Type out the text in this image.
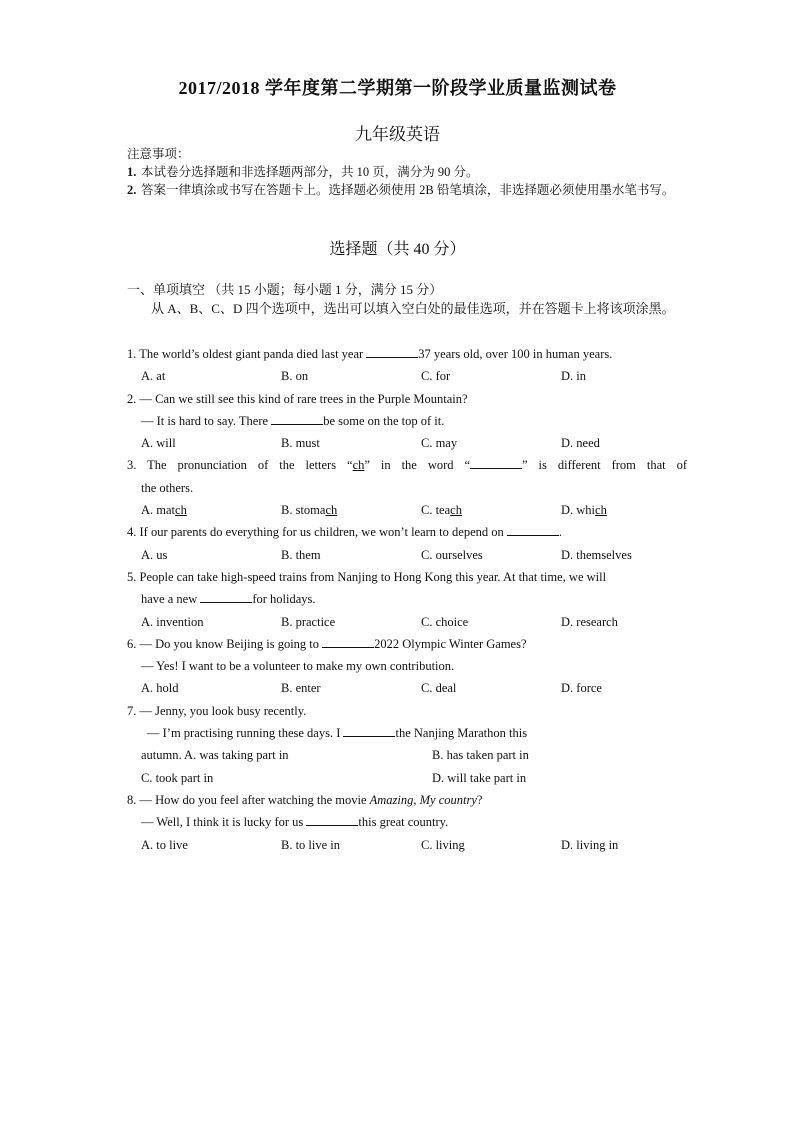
2017/2018 学年度第二学期第一阶段学业质量监测试卷
九年级英语
注意事项：
1. 本试卷分选择题和非选择题两部分，共 10 页，满分为 90 分。
2. 答案一律填涂或书写在答题卡上。选择题必须使用 2B 铅笔填涂，非选择题必须使用墨水笔书写。
选择题（共 40 分）
一、单项填空 （共 15 小题；每小题 1 分，满分 15 分）
从 A、B、C、D 四个选项中，选出可以填入空白处的最佳选项，并在答题卡上将该项涂黑。
1. The world’s oldest giant panda died last year	37 years old, over 100 in human years.
A. at	B. on	C. for	D. in
2. — Can we still see this kind of rare trees in the Purple Mountain?
— It is hard to say. There	be some on the top of it.
A. will	B. must	C. may	D. need
3. The pronunciation of the letters “ch” in the word “	” is different from that of
the others.
A. match	B. stomach	C. teach	D. which
4. If our parents do everything for us children, we won’t learn to depend on	.
A. us	B. them	C. ourselves	D. themselves
5. People can take high-speed trains from Nanjing to Hong Kong this year. At that time, we will
have a new	for holidays.
A. invention	B. practice	C. choice	D. research
6. — Do you know Beijing is going to	2022 Olympic Winter Games?
— Yes! I want to be a volunteer to make my own contribution.
A. hold	B. enter	C. deal	D. force
7. — Jenny, you look busy recently.
— I’m practising running these days. I	the Nanjing Marathon this
autumn. A. was taking part in	B. has taken part in
C. took part in	D. will take part in
8. — How do you feel after watching the movie Amazing, My country?
— Well, I think it is lucky for us	this great country.
A. to live	B. to live in	C. living	D. living in
